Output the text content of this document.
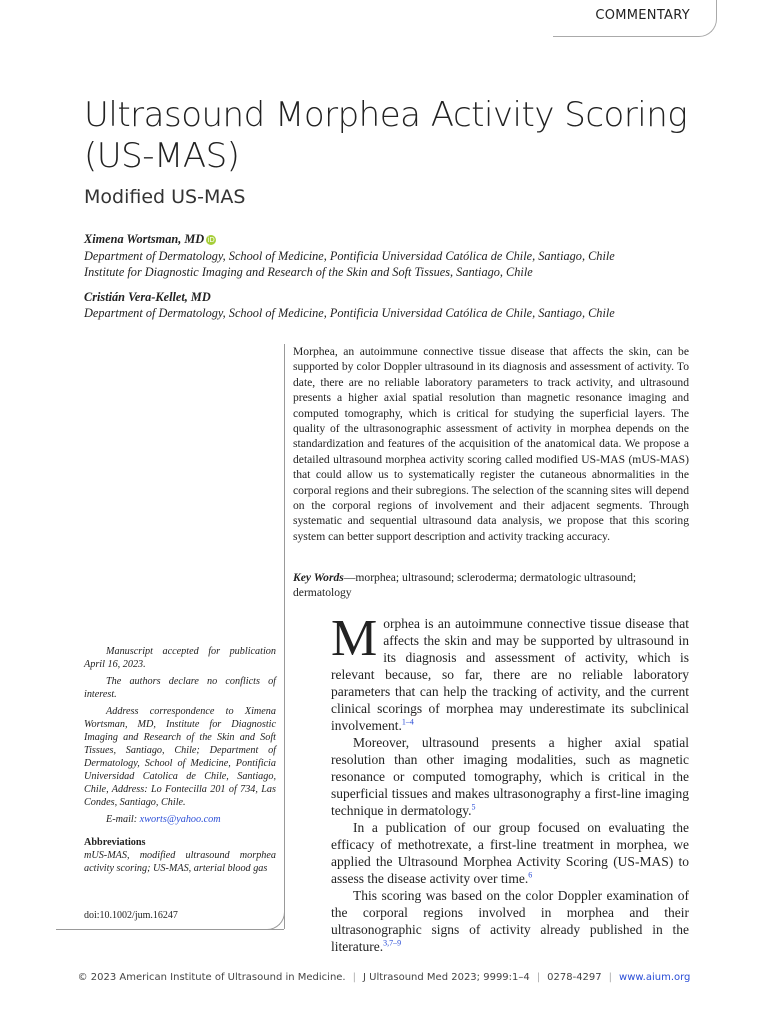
COMMENTARY
Ultrasound Morphea Activity Scoring (US-MAS)
Modified US-MAS

Ximena Wortsman, MD iD

Department of Dermatology, School of Medicine, Pontificia Universidad Católica de Chile, Santiago, Chile

Institute for Diagnostic Imaging and Research of the Skin and Soft Tissues, Santiago, Chile

Cristián Vera-Kellet, MD

Department of Dermatology, School of Medicine, Pontificia Universidad Católica de Chile, Santiago, Chile

Morphea, an autoimmune connective tissue disease that affects the skin, can be supported by color Doppler ultrasound in its diagnosis and assessment of activity. To date, there are no reliable laboratory parameters to track activity, and ultrasound presents a higher axial spatial resolution than magnetic resonance imaging and computed tomography, which is critical for studying the superficial layers. The quality of the ultrasonographic assessment of activity in morphea depends on the standardization and features of the acquisition of the anatomical data. We propose a detailed ultrasound morphea activity scoring called modified US-MAS (mUS-MAS) that could allow us to systematically register the cutaneous abnormalities in the corporal regions and their subregions. The selection of the scanning sites will depend on the corporal regions of involvement and their adjacent segments. Through systematic and sequential ultrasound data analysis, we propose that this scoring system can better support description and activity tracking accuracy.

Key Words—morphea; ultrasound; scleroderma; dermatologic ultrasound; dermatology

Morphea is an autoimmune connective tissue disease that affects the skin and may be supported by ultrasound in its diagnosis and assessment of activity, which is relevant because, so far, there are no reliable laboratory parameters that can help the tracking of activity, and the current clinical scorings of morphea may underestimate its subclinical involvement.$^{1-4}$

Moreover, ultrasound presents a higher axial spatial resolution than other imaging modalities, such as magnetic resonance or computed tomography, which is critical in the superficial tissues and makes ultrasonography a first-line imaging technique in dermatology.$^5$

In a publication of our group focused on evaluating the efficacy of methotrexate, a first-line treatment in morphea, we applied the Ultrasound Morphea Activity Scoring (US-MAS) to assess the disease activity over time.$^6$

This scoring was based on the color Doppler examination of the corporal regions involved in morphea and their ultrasonographic signs of activity already published in the literature.$^{3,7-9}$

Manuscript accepted for publication April 16, 2023.

The authors declare no conflicts of interest.

Address correspondence to Ximena Wortsman, MD, Institute for Diagnostic Imaging and Research of the Skin and Soft Tissues, Santiago, Chile; Department of Dermatology, School of Medicine, Pontificia Universidad Catolica de Chile, Santiago, Chile, Address: Lo Fontecilla 201 of 734, Las Condes, Santiago, Chile.

E-mail: xworts@yahoo.com

Abbreviations

mUS-MAS, modified ultrasound morphea activity scoring; US-MAS, arterial blood gas

doi:10.1002/jum.16247
© 2023 American Institute of Ultrasound in Medicine. | J Ultrasound Med 2023; 9999:1–4 | 0278-4297 | www.aium.org
